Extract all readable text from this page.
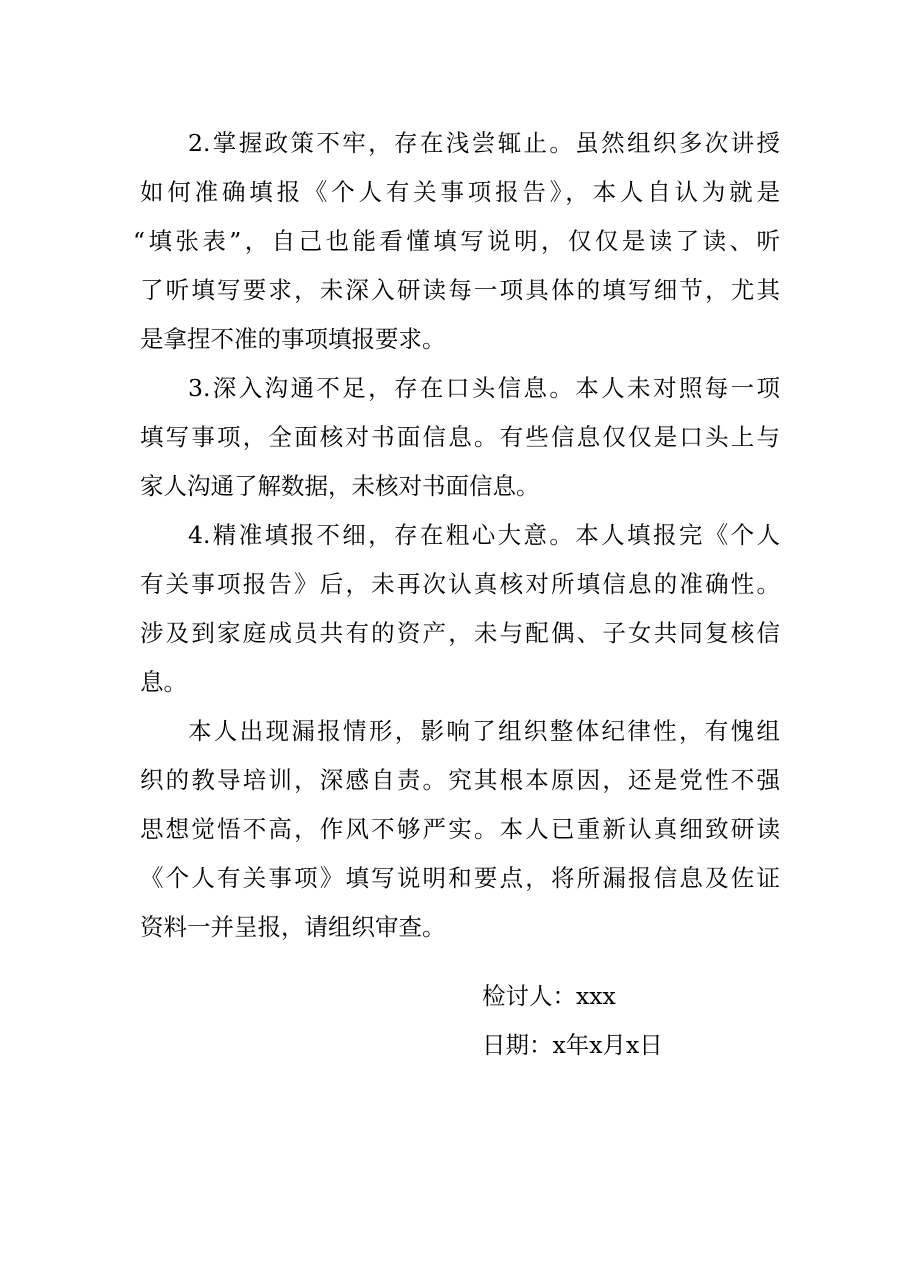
2.掌握政策不牢，存在浅尝辄止。虽然组织多次讲授
如何准确填报《个人有关事项报告》，本人自认为就是
“填张表”，自己也能看懂填写说明，仅仅是读了读、听
了听填写要求，未深入研读每一项具体的填写细节，尤其
是拿捏不准的事项填报要求。
3.深入沟通不足，存在口头信息。本人未对照每一项
填写事项，全面核对书面信息。有些信息仅仅是口头上与
家人沟通了解数据，未核对书面信息。
4.精准填报不细，存在粗心大意。本人填报完《个人
有关事项报告》后，未再次认真核对所填信息的准确性。
涉及到家庭成员共有的资产，未与配偶、子女共同复核信
息。
本人出现漏报情形，影响了组织整体纪律性，有愧组
织的教导培训，深感自责。究其根本原因，还是党性不强
思想觉悟不高，作风不够严实。本人已重新认真细致研读
《个人有关事项》填写说明和要点，将所漏报信息及佐证
资料一并呈报，请组织审查。
检讨人：xxx
日期：x年x月x日
